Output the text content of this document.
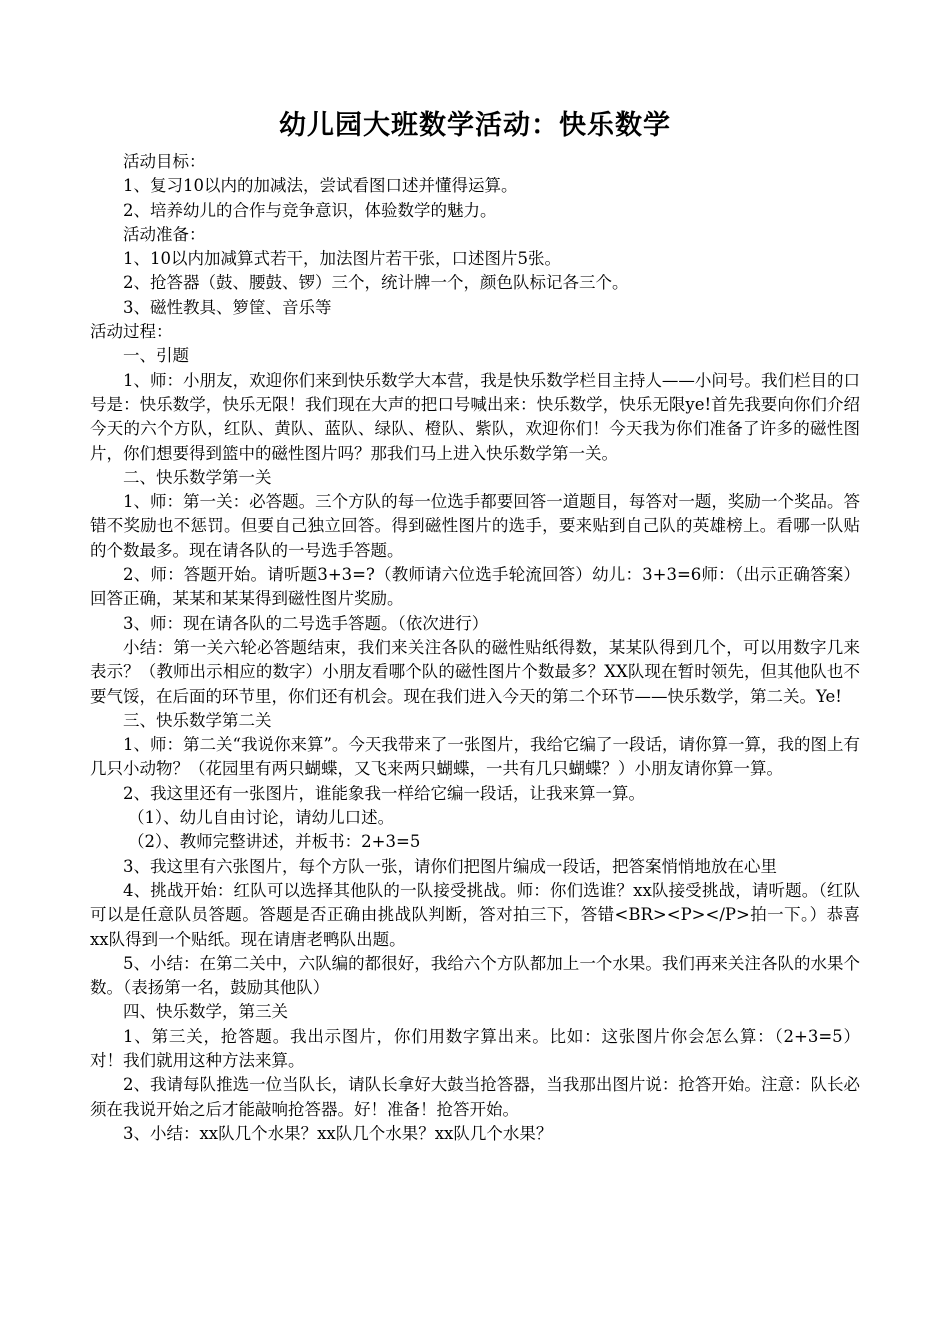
幼儿园大班数学活动：快乐数学

活动目标：

1、复习10以内的加减法，尝试看图口述并懂得运算。

2、培养幼儿的合作与竞争意识，体验数学的魅力。

活动准备：

1、10以内加减算式若干，加法图片若干张，口述图片5张。

2、抢答器（鼓、腰鼓、锣）三个，统计牌一个，颜色队标记各三个。

3、磁性教具、箩筐、音乐等

活动过程：

一、引题

1、师：小朋友，欢迎你们来到快乐数学大本营，我是快乐数学栏目主持人——小问号。我们栏目的口号是：快乐数学，快乐无限！我们现在大声的把口号喊出来：快乐数学，快乐无限ye!首先我要向你们介绍今天的六个方队，红队、黄队、蓝队、绿队、橙队、紫队，欢迎你们！今天我为你们准备了许多的磁性图片，你们想要得到篮中的磁性图片吗？那我们马上进入快乐数学第一关。

二、快乐数学第一关

1、师：第一关：必答题。三个方队的每一位选手都要回答一道题目，每答对一题，奖励一个奖品。答错不奖励也不惩罚。但要自己独立回答。得到磁性图片的选手，要来贴到自己队的英雄榜上。看哪一队贴的个数最多。现在请各队的一号选手答题。

2、师：答题开始。请听题3+3=?（教师请六位选手轮流回答）幼儿：3+3=6师：（出示正确答案）回答正确，某某和某某得到磁性图片奖励。

3、师：现在请各队的二号选手答题。（依次进行）

小结：第一关六轮必答题结束，我们来关注各队的磁性贴纸得数，某某队得到几个，可以用数字几来表示？（教师出示相应的数字）小朋友看哪个队的磁性图片个数最多？XX队现在暂时领先，但其他队也不要气馁，在后面的环节里，你们还有机会。现在我们进入今天的第二个环节——快乐数学，第二关。Ye!

三、快乐数学第二关

1、师：第二关“我说你来算”。今天我带来了一张图片，我给它编了一段话，请你算一算，我的图上有几只小动物？（花园里有两只蝴蝶，又飞来两只蝴蝶，一共有几只蝴蝶？）小朋友请你算一算。

2、我这里还有一张图片，谁能象我一样给它编一段话，让我来算一算。

（1）、幼儿自由讨论，请幼儿口述。

（2）、教师完整讲述，并板书：2+3=5

3、我这里有六张图片，每个方队一张，请你们把图片编成一段话，把答案悄悄地放在心里

4、挑战开始：红队可以选择其他队的一队接受挑战。师：你们选谁？xx队接受挑战，请听题。（红队可以是任意队员答题。答题是否正确由挑战队判断，答对拍三下，答错<BR><P></P>拍一下。）恭喜xx队得到一个贴纸。现在请唐老鸭队出题。

5、小结：在第二关中，六队编的都很好，我给六个方队都加上一个水果。我们再来关注各队的水果个数。（表扬第一名，鼓励其他队）

四、快乐数学，第三关

1、第三关，抢答题。我出示图片，你们用数字算出来。比如：这张图片你会怎么算：（2+3=5）对！我们就用这种方法来算。

2、我请每队推选一位当队长，请队长拿好大鼓当抢答器，当我那出图片说：抢答开始。注意：队长必须在我说开始之后才能敲响抢答器。好！准备！抢答开始。

3、小结：xx队几个水果？xx队几个水果？xx队几个水果？
